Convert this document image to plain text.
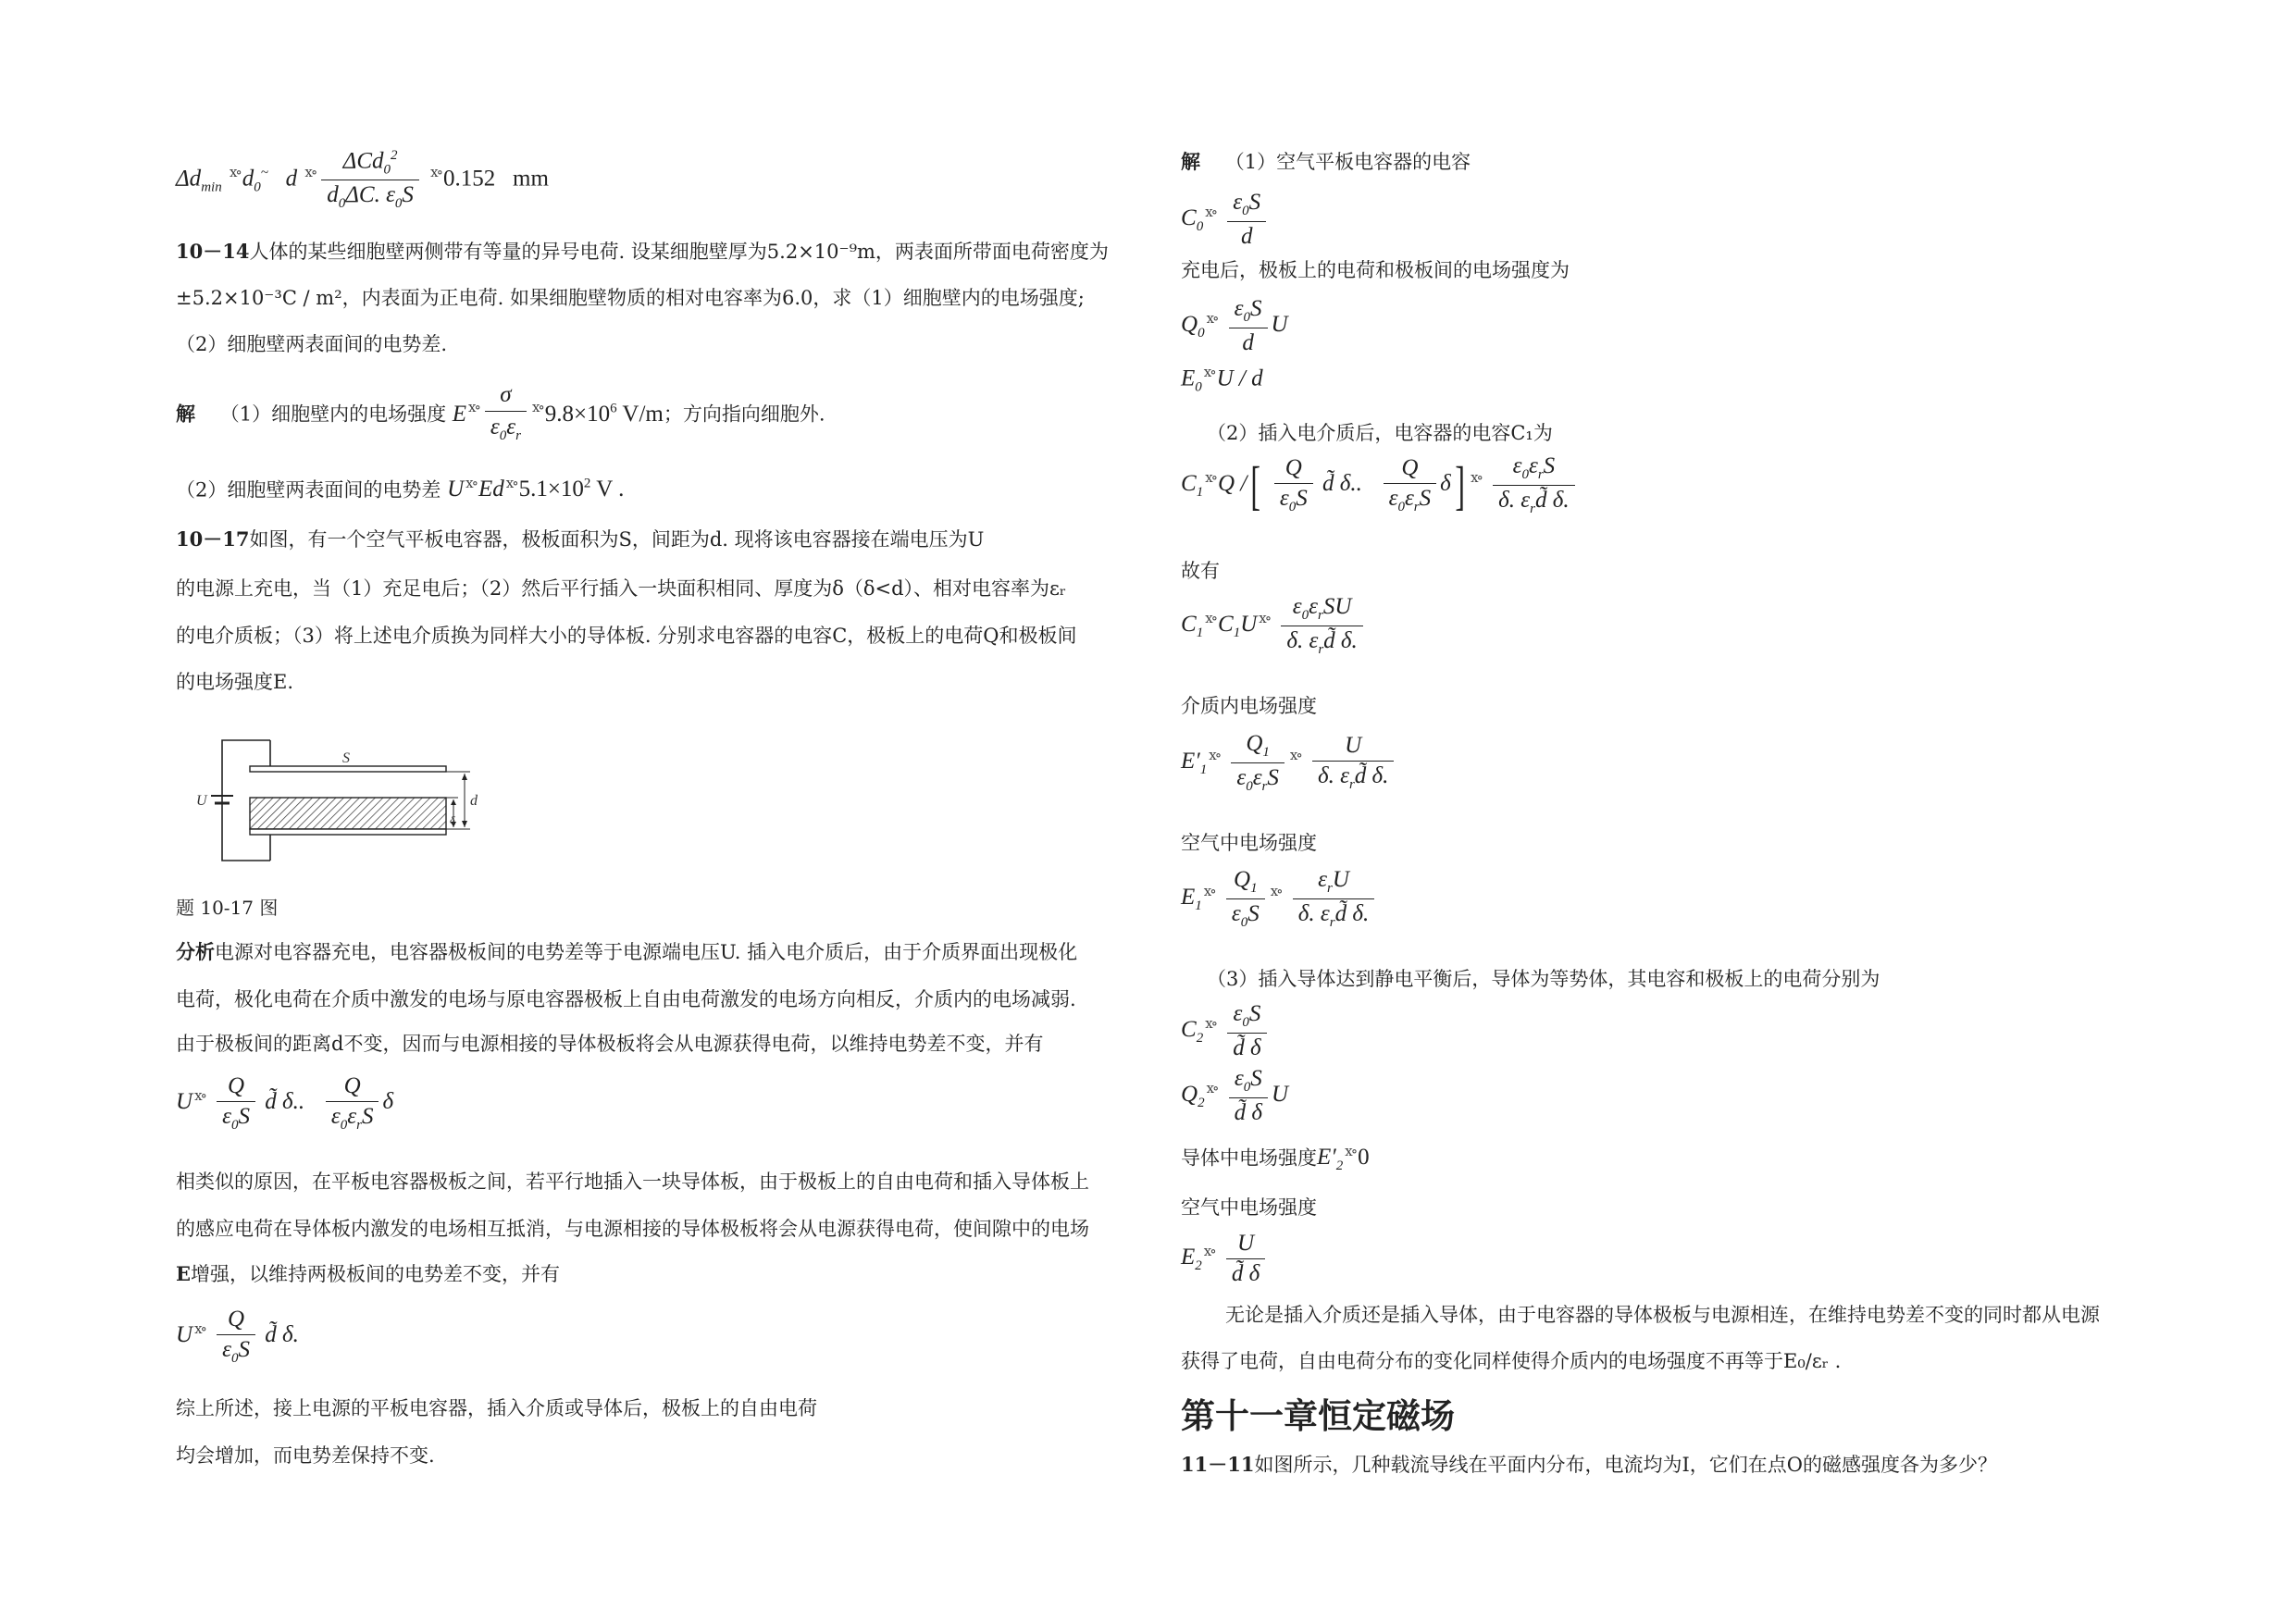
$\Delta d_{min}$ $^{ⅹ\circ}d_0^\sim$ d $^{ⅹ\circ} \frac{\Delta Cd_0^2}{d_0\Delta C. \varepsilon_0S} ^{ⅹ\circ}0.152$ mm
10－14人体的某些细胞壁两侧带有等量的异号电荷. 设某细胞壁厚为5.2×10⁻⁹m，两表面所带面电荷密度为
±5.2×10⁻³C / m²，内表面为正电荷. 如果细胞壁物质的相对电容率为6.0，求（1）细胞壁内的电场强度;
（2）细胞壁两表面间的电势差.
解 （1）细胞壁内的电场强度 E $^{ⅹ\circ} \frac{\sigma}{\varepsilon_0\varepsilon_r} ^{ⅹ\circ}9.8\times 10^6$ V/m；方向指向细胞外.
（2）细胞壁两表面间的电势差 U $^{ⅹ\circ}$Ed $^{ⅹ\circ}5.1\times 10^2$ V .
10－17如图，有一个空气平板电容器，极板面积为S，间距为d. 现将该电容器接在端电压为U
的电源上充电，当（1）充足电后；（2）然后平行插入一块面积相同、厚度为δ（δ<d）、相对电容率为εᵣ
的电介质板；（3）将上述电介质换为同样大小的导体板. 分别求电容器的电容C，极板上的电荷Q和极板间
的电场强度E.
S
U	d
δ
题 10-17 图
分析电源对电容器充电，电容器极板间的电势差等于电源端电压U. 插入电介质后，由于介质界面出现极化
电荷，极化电荷在介质中激发的电场与原电容器极板上自由电荷激发的电场方向相反，介质内的电场减弱.
由于极板间的距离d不变，因而与电源相接的导体极板将会从电源获得电荷，以维持电势差不变，并有
U $^{ⅹ\circ} \frac{Q}{\varepsilon_0S}$ d̃ δ.. $\frac{Q}{\varepsilon_0\varepsilon_rS}$ δ
相类似的原因，在平板电容器极板之间，若平行地插入一块导体板，由于极板上的自由电荷和插入导体板上
的感应电荷在导体板内激发的电场相互抵消，与电源相接的导体极板将会从电源获得电荷，使间隙中的电场
E增强，以维持两极板间的电势差不变，并有
U $^{ⅹ\circ} \frac{Q}{\varepsilon_0S}$ d̃ δ.
综上所述，接上电源的平板电容器，插入介质或导体后，极板上的自由电荷
均会增加，而电势差保持不变.
解 （1）空气平板电容器的电容
$C_0^{ⅹ\circ} \frac{\varepsilon_0S}{d}$
充电后，极板上的电荷和极板间的电场强度为
$Q_0^{ⅹ\circ} \frac{\varepsilon_0S}{d}$ U
$E_0^{ⅹ\circ}U$ / d
（2）插入电介质后，电容器的电容C₁为
$C_1^{ⅹ\circ}Q$ /[ $\frac{Q}{\varepsilon_0S}$ d̃ δ.. $\frac{Q}{\varepsilon_0\varepsilon_rS} \delta$] $^{ⅹ\circ} \frac{\varepsilon_0\varepsilon_rS}{\delta. \varepsilon_rd̃ \delta.}$
故有
$C_1^{ⅹ\circ}C_1U$ $^{ⅹ\circ} \frac{\varepsilon_0\varepsilon_rSU}{\delta. \varepsilon_rd̃ \delta.}$
介质内电场强度
$E'_1^{ⅹ\circ} \frac{Q_1}{\varepsilon_0\varepsilon_rS} ^{ⅹ\circ} \frac{U}{\delta. \varepsilon_rd̃ \delta.}$
空气中电场强度
$E_1^{ⅹ\circ} \frac{Q_1}{\varepsilon_0S} ^{ⅹ\circ} \frac{\varepsilon_rU}{\delta. \varepsilon_rd̃ \delta.}$
（3）插入导体达到静电平衡后，导体为等势体，其电容和极板上的电荷分别为
$C_2^{ⅹ\circ} \frac{\varepsilon_0S}{d̃ \delta}$
$Q_2^{ⅹ\circ} \frac{\varepsilon_0S}{d̃ \delta}$ U
导体中电场强度$E'_2^{ⅹ\circ}0$
空气中电场强度
$E_2^{ⅹ\circ} \frac{U}{d̃ \delta}$
无论是插入介质还是插入导体，由于电容器的导体极板与电源相连，在维持电势差不变的同时都从电源
获得了电荷，自由电荷分布的变化同样使得介质内的电场强度不再等于E₀/εᵣ .
第十一章恒定磁场
11－11如图所示，几种载流导线在平面内分布，电流均为I，它们在点O的磁感强度各为多少？
